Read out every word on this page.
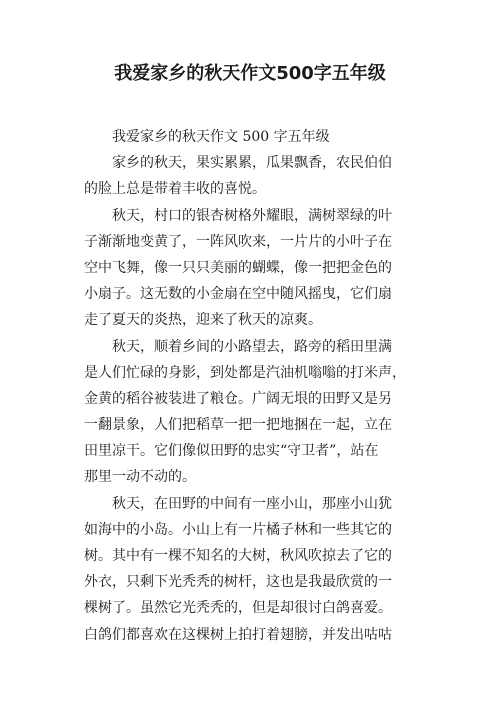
我爱家乡的秋天作文500字五年级
我爱家乡的秋天作文 500 字五年级
家乡的秋天，果实累累，瓜果飘香，农民伯伯
的脸上总是带着丰收的喜悦。
秋天，村口的银杏树格外耀眼，满树翠绿的叶
子渐渐地变黄了，一阵风吹来，一片片的小叶子在
空中飞舞，像一只只美丽的蝴蝶，像一把把金色的
小扇子。这无数的小金扇在空中随风摇曳，它们扇
走了夏天的炎热，迎来了秋天的凉爽。
秋天，顺着乡间的小路望去，路旁的稻田里满
是人们忙碌的身影，到处都是汽油机嗡嗡的打米声，
金黄的稻谷被装进了粮仓。广阔无垠的田野又是另
一翻景象，人们把稻草一把一把地捆在一起，立在
田里凉干。它们像似田野的忠实“守卫者”，站在
那里一动不动的。
秋天，在田野的中间有一座小山，那座小山犹
如海中的小岛。小山上有一片橘子林和一些其它的
树。其中有一棵不知名的大树，秋风吹掠去了它的
外衣，只剩下光秃秃的树杆，这也是我最欣赏的一
棵树了。虽然它光秃秃的，但是却很讨白鸽喜爱。
白鸽们都喜欢在这棵树上拍打着翅膀，并发出咕咕
